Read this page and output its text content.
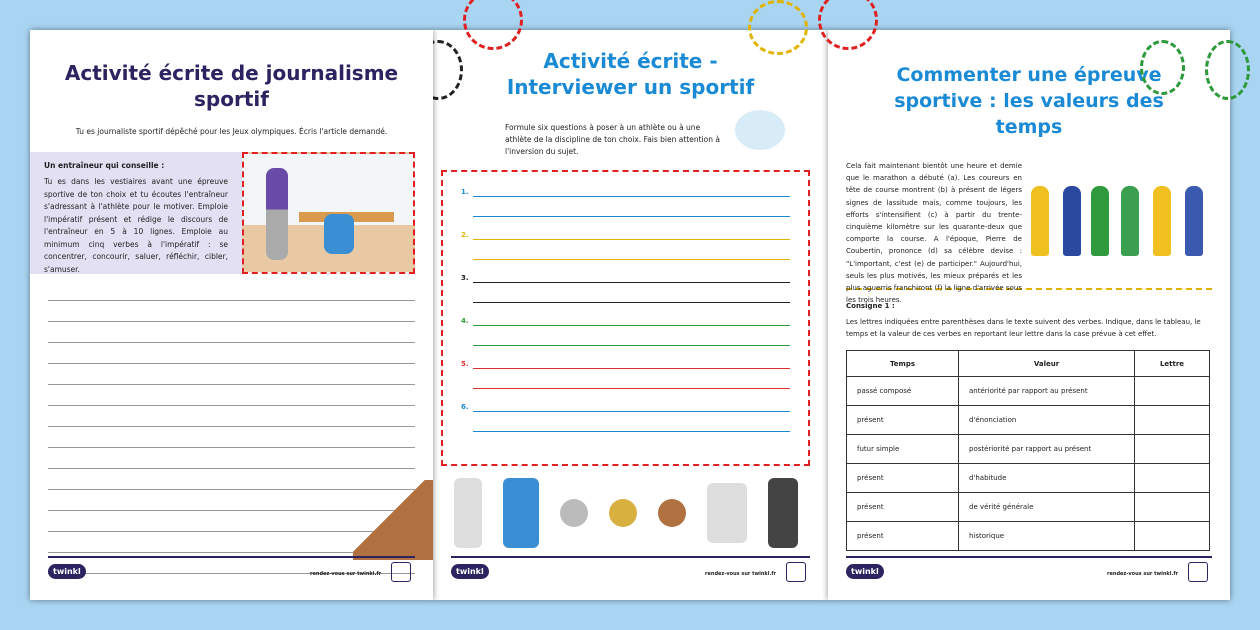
Activité écrite de journalisme sportif
Tu es journaliste sportif dépêché pour les Jeux olympiques. Écris l'article demandé.
Un entraîneur qui conseille :
Tu es dans les vestiaires avant une épreuve sportive de ton choix et tu écoutes l'entraîneur s'adressant à l'athlète pour le motiver. Emploie l'impératif présent et rédige le discours de l'entraîneur en 5 à 10 lignes. Emploie au minimum cinq verbes à l'impératif : se concentrer, concourir, saluer, réfléchir, cibler, s'amuser.
twinkl	rendez-vous sur twinkl.fr
Activité écrite - Interviewer un sportif
Formule six questions à poser à un athlète ou à une athlète de la discipline de ton choix. Fais bien attention à l'inversion du sujet.
1.
2.
3.
4.
5.
6.
twinkl	rendez-vous sur twinkl.fr
Commenter une épreuve sportive : les valeurs des temps
Cela fait maintenant bientôt une heure et demie que le marathon a débuté (a). Les coureurs en tête de course montrent (b) à présent de légers signes de lassitude mais, comme toujours, les efforts s'intensifient (c) à partir du trente-cinquième kilomètre sur les quarante-deux que comporte la course. A l'époque, Pierre de Coubertin, prononce (d) sa célèbre devise : "L'important, c'est (e) de participer." Aujourd'hui, seuls les plus motivés, les mieux préparés et les plus aguerris franchiront (f) la ligne d'arrivée sous les trois heures.
Consigne 1 :
Les lettres indiquées entre parenthèses dans le texte suivent des verbes. Indique, dans le tableau, le temps et la valeur de ces verbes en reportant leur lettre dans la case prévue à cet effet.
Temps	Valeur	Lettre
passé composé	antériorité par rapport au présent	
présent	d'énonciation	
futur simple	postériorité par rapport au présent	
présent	d'habitude	
présent	de vérité générale	
présent	historique	
twinkl	rendez-vous sur twinkl.fr
